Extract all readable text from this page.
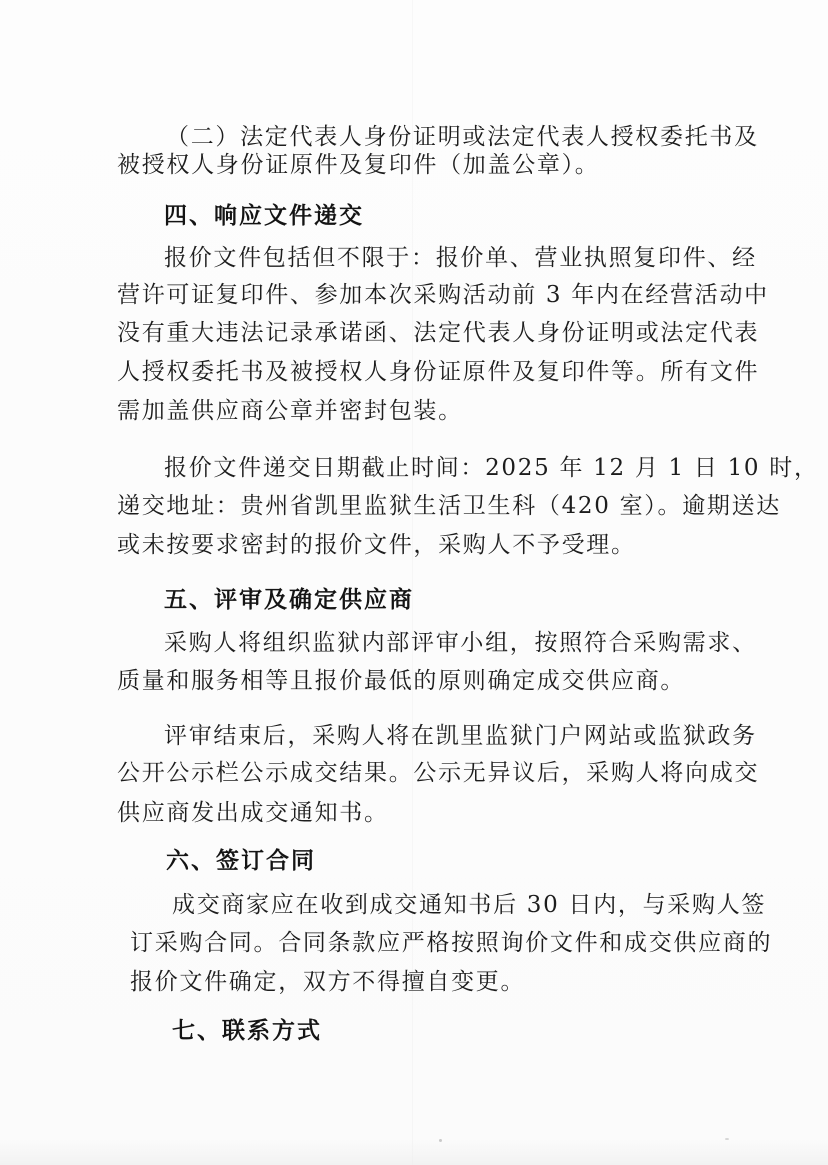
（二）法定代表人身份证明或法定代表人授权委托书及

被授权人身份证原件及复印件（加盖公章）。

四、响应文件递交

报价文件包括但不限于：报价单、营业执照复印件、经

营许可证复印件、参加本次采购活动前 3 年内在经营活动中

没有重大违法记录承诺函、法定代表人身份证明或法定代表

人授权委托书及被授权人身份证原件及复印件等。所有文件

需加盖供应商公章并密封包装。

报价文件递交日期截止时间：2025 年 12 月 1 日 10 时，

递交地址：贵州省凯里监狱生活卫生科（420 室）。逾期送达

或未按要求密封的报价文件，采购人不予受理。

五、评审及确定供应商

采购人将组织监狱内部评审小组，按照符合采购需求、

质量和服务相等且报价最低的原则确定成交供应商。

评审结束后，采购人将在凯里监狱门户网站或监狱政务

公开公示栏公示成交结果。公示无异议后，采购人将向成交

供应商发出成交通知书。

六、签订合同

成交商家应在收到成交通知书后 30 日内，与采购人签

订采购合同。合同条款应严格按照询价文件和成交供应商的

报价文件确定，双方不得擅自变更。

七、联系方式
